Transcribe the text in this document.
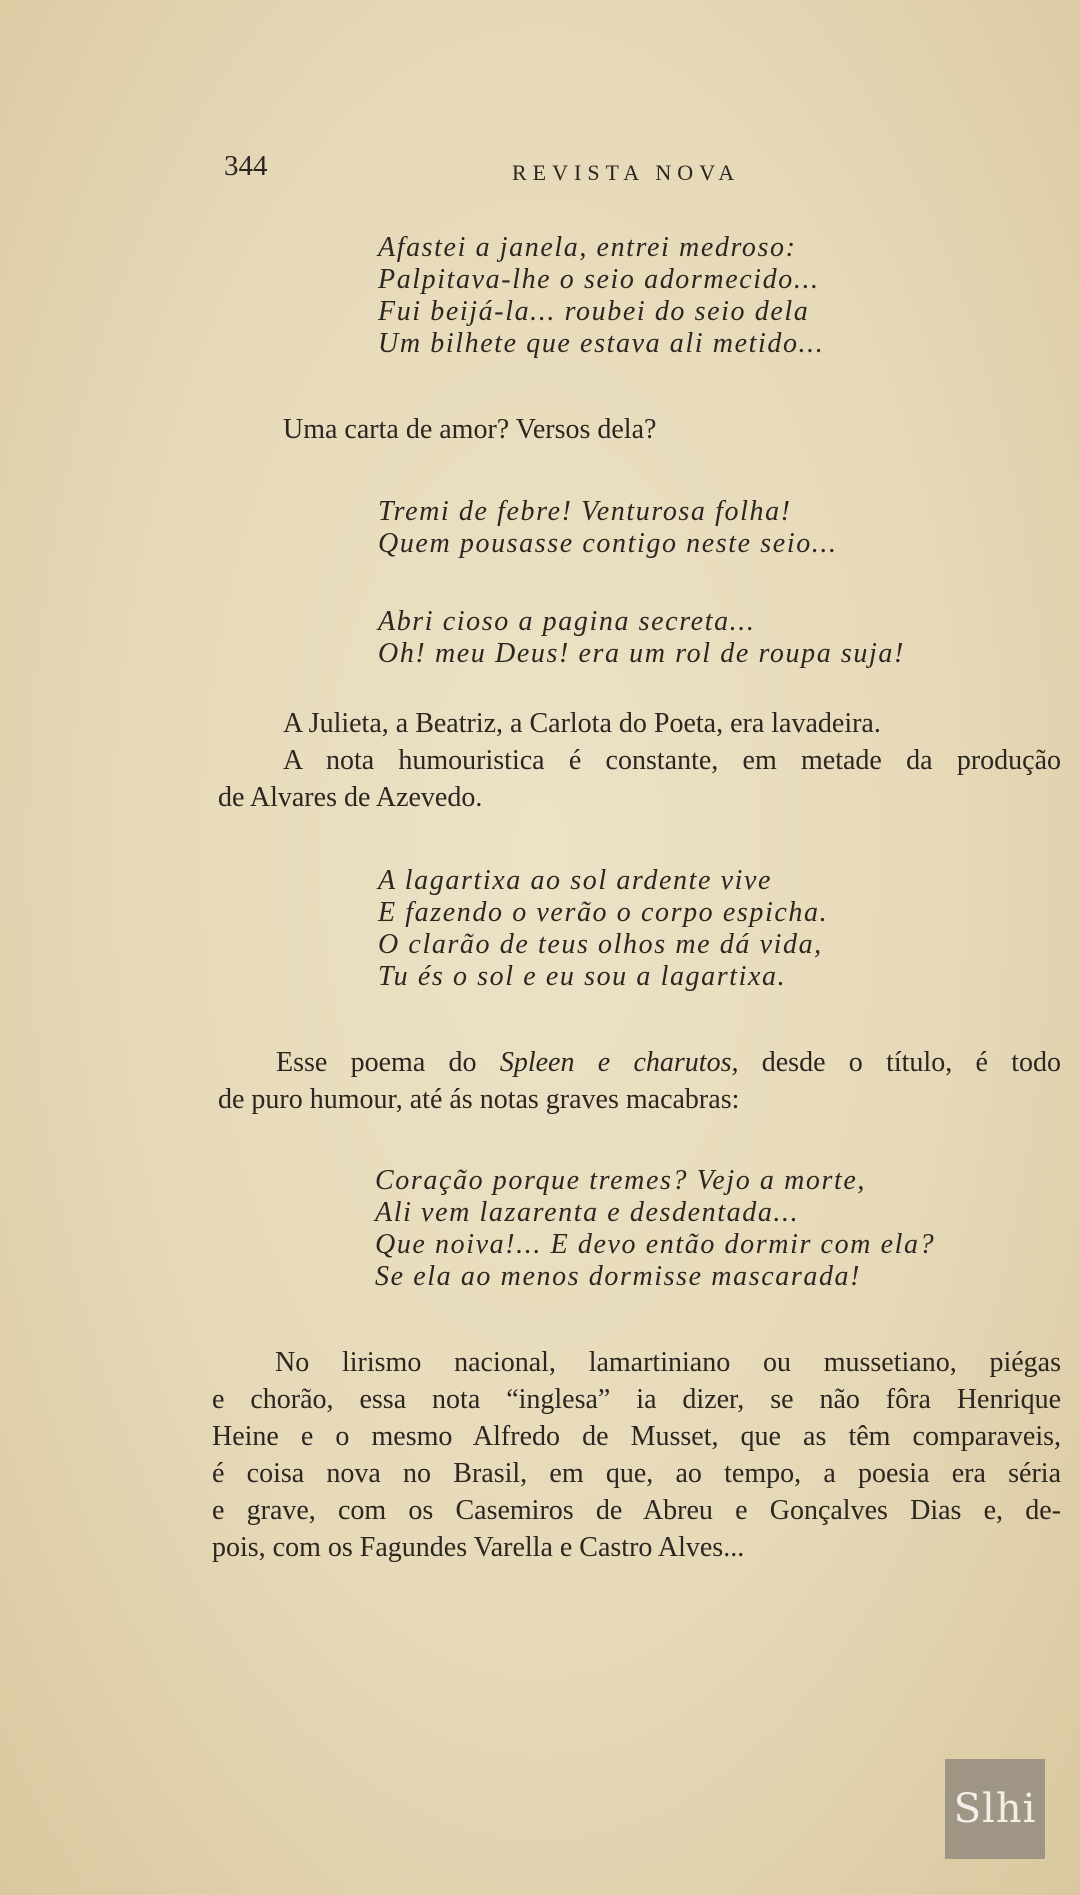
344	REVISTA NOVA
Afastei a janela, entrei medroso:
Palpitava-lhe o seio adormecido...
Fui beijá-la... roubei do seio dela
Um bilhete que estava ali metido...
Uma carta de amor? Versos dela?
Tremi de febre! Venturosa folha!
Quem pousasse contigo neste seio...
Abri cioso a pagina secreta...
Oh! meu Deus! era um rol de roupa suja!
A Julieta, a Beatriz, a Carlota do Poeta, era lavadeira.
A nota humouristica é constante, em metade da produção
de Alvares de Azevedo.
A lagartixa ao sol ardente vive
E fazendo o verão o corpo espicha.
O clarão de teus olhos me dá vida,
Tu és o sol e eu sou a lagartixa.
Esse poema do Spleen e charutos, desde o título, é todo
de puro humour, até ás notas graves macabras:
Coração porque tremes? Vejo a morte,
Ali vem lazarenta e desdentada...
Que noiva!... E devo então dormir com ela?
Se ela ao menos dormisse mascarada!
No lirismo nacional, lamartiniano ou mussetiano, piégas
e chorão, essa nota “inglesa” ia dizer, se não fôra Henrique
Heine e o mesmo Alfredo de Musset, que as têm comparaveis,
é coisa nova no Brasil, em que, ao tempo, a poesia era séria
e grave, com os Casemiros de Abreu e Gonçalves Dias e, de-
pois, com os Fagundes Varella e Castro Alves...
Slhi
